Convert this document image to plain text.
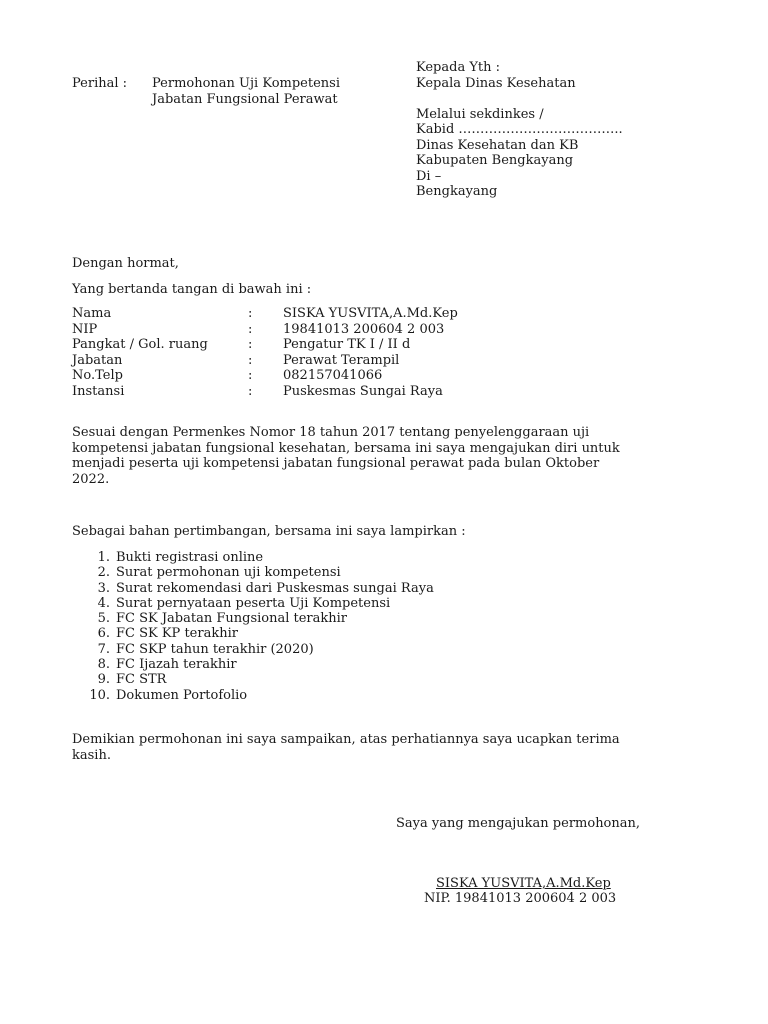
Kepada Yth :
Kepala Dinas Kesehatan

Melalui sekdinkes /
Kabid ………………………………..
Dinas Kesehatan dan KB
Kabupaten Bengkayang
Di –
Bengkayang
Perihal : Permohonan Uji Kompetensi
Jabatan Fungsional Perawat
Dengan hormat,
Yang bertanda tangan di bawah ini :
Nama	: SISKA YUSVITA,A.Md.Kep
NIP	: 19841013 200604 2 003
Pangkat / Gol. ruang	: Pengatur TK I / II d
Jabatan	: Perawat Terampil
No.Telp	: 082157041066
Instansi	: Puskesmas Sungai Raya
Sesuai dengan Permenkes Nomor 18 tahun 2017 tentang penyelenggaraan uji
kompetensi jabatan fungsional kesehatan, bersama ini saya mengajukan diri untuk
menjadi peserta uji kompetensi jabatan fungsional perawat pada bulan Oktober
2022.
Sebagai bahan pertimbangan, bersama ini saya lampirkan :
1. Bukti registrasi online
2. Surat permohonan uji kompetensi
3. Surat rekomendasi dari Puskesmas sungai Raya
4. Surat pernyataan peserta Uji Kompetensi
5. FC SK Jabatan Fungsional terakhir
6. FC SK KP terakhir
7. FC SKP tahun terakhir (2020)
8. FC Ijazah terakhir
9. FC STR
10. Dokumen Portofolio
Demikian permohonan ini saya sampaikan, atas perhatiannya saya ucapkan terima
kasih.
Saya yang mengajukan permohonan,
SISKA YUSVITA,A.Md.Kep
NIP. 19841013 200604 2 003
